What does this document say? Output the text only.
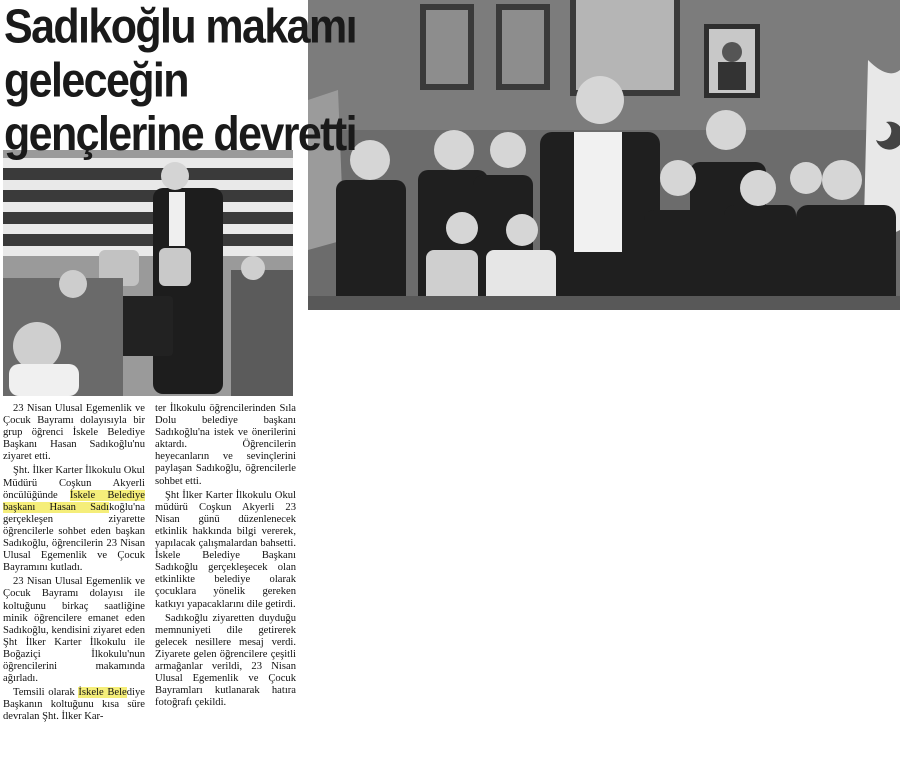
Sadıkoğlu makamı geleceğin
gençlerine devretti

23 Nisan Ulusal Egemenlik ve Çocuk Bayramı dolayısıyla bir grup öğrenci İskele Belediye Başkanı Hasan Sadıkoğlu'nu ziyaret etti.

Şht. İlker Karter İlkokulu Okul Müdürü Coşkun Akyerli öncülüğünde İskele Belediye başkanı Hasan Sadıkoğlu'na gerçekleşen ziyarette öğrencilerle sohbet eden başkan Sadıkoğlu, öğrencilerin 23 Nisan Ulusal Egemenlik ve Çocuk Bayramını kutladı.

23 Nisan Ulusal Egemenlik ve Çocuk Bayramı dolayısı ile koltuğunu birkaç saatliğine minik öğrencilere emanet eden Sadıkoğlu, kendisini ziyaret eden Şht İlker Karter İlkokulu ile Boğaziçi İlkokulu'nun öğrencilerini makamında ağırladı.

Temsili olarak İskele Belediye Başkanın koltuğunu kısa süre devralan Şht. İlker Kar-

ter İlkokulu öğrencilerinden Sıla Dolu belediye başkanı Sadıkoğlu'na istek ve önerilerini aktardı. Öğrencilerin heyecanların ve sevinçlerini paylaşan Sadıkoğlu, öğrencilerle sohbet etti.

Şht İlker Karter İlkokulu Okul müdürü Coşkun Akyerli 23 Nisan günü düzenlenecek etkinlik hakkında bilgi vererek, yapılacak çalışmalardan bahsetti. İskele Belediye Başkanı Sadıkoğlu gerçekleşecek olan etkinlikte belediye olarak çocuklara yönelik gereken katkıyı yapacaklarını dile getirdi.

Sadıkoğlu ziyaretten duyduğu memnuniyeti dile getirerek gelecek nesillere mesaj verdi. Ziyarete gelen öğrencilere çeşitli armağanlar verildi, 23 Nisan Ulusal Egemenlik ve Çocuk Bayramları kutlanarak hatıra fotoğrafı çekildi.
